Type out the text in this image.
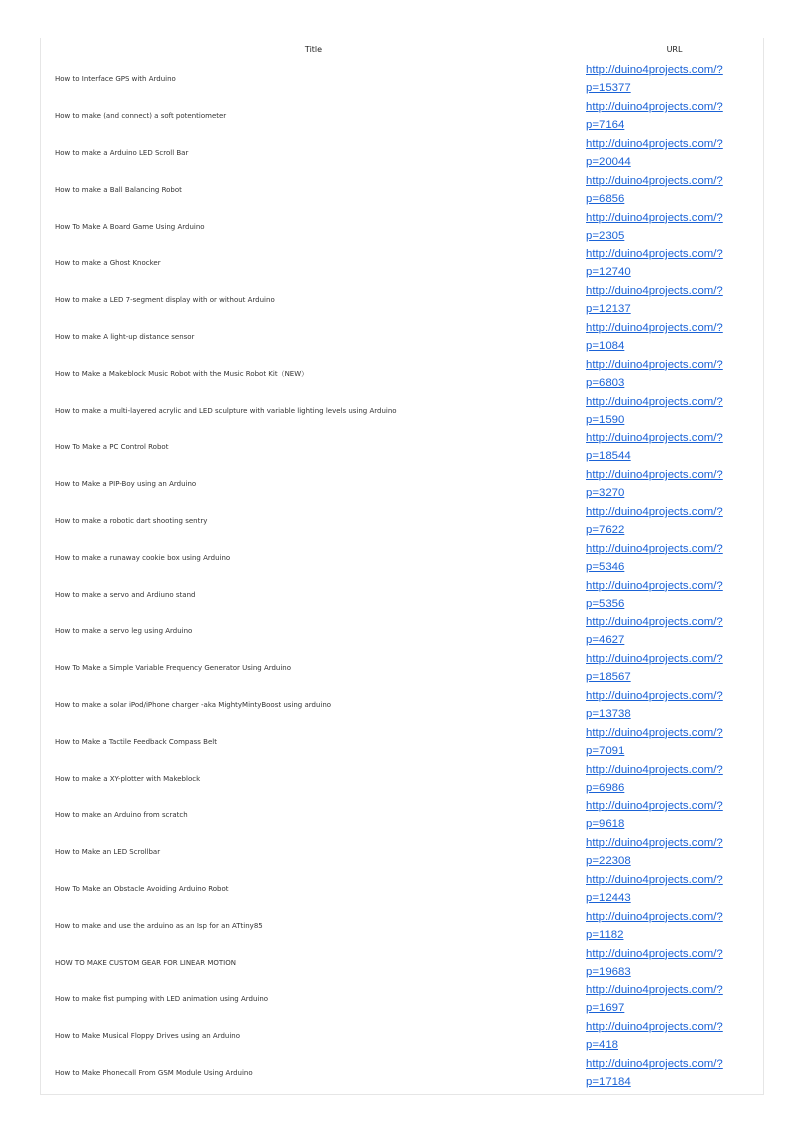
Title	URL
How to Interface GPS with Arduino	http://duino4projects.com/?
p=15377

How to make (and connect) a soft potentiometer	http://duino4projects.com/?
p=7164

How to make a Arduino LED Scroll Bar	http://duino4projects.com/?
p=20044

How to make a Ball Balancing Robot	http://duino4projects.com/?
p=6856

How To Make A Board Game Using Arduino	http://duino4projects.com/?
p=2305

How to make a Ghost Knocker	http://duino4projects.com/?
p=12740

How to make a LED 7-segment display with or without Arduino	http://duino4projects.com/?
p=12137

How to make A light-up distance sensor	http://duino4projects.com/?
p=1084

How to Make a Makeblock Music Robot with the Music Robot Kit（NEW）	http://duino4projects.com/?
p=6803

How to make a multi-layered acrylic and LED sculpture with variable lighting levels using Arduino	http://duino4projects.com/?
p=1590

How To Make a PC Control Robot	http://duino4projects.com/?
p=18544

How to Make a PIP-Boy using an Arduino	http://duino4projects.com/?
p=3270

How to make a robotic dart shooting sentry	http://duino4projects.com/?
p=7622

How to make a runaway cookie box using Arduino	http://duino4projects.com/?
p=5346

How to make a servo and Ardiuno stand	http://duino4projects.com/?
p=5356

How to make a servo leg using Arduino	http://duino4projects.com/?
p=4627

How To Make a Simple Variable Frequency Generator Using Arduino	http://duino4projects.com/?
p=18567

How to make a solar iPod/iPhone charger -aka MightyMintyBoost using arduino	http://duino4projects.com/?
p=13738

How to Make a Tactile Feedback Compass Belt	http://duino4projects.com/?
p=7091

How to make a XY-plotter with Makeblock	http://duino4projects.com/?
p=6986

How to make an Arduino from scratch	http://duino4projects.com/?
p=9618

How to Make an LED Scrollbar	http://duino4projects.com/?
p=22308

How To Make an Obstacle Avoiding Arduino Robot	http://duino4projects.com/?
p=12443

How to make and use the arduino as an Isp for an ATtiny85	http://duino4projects.com/?
p=1182

HOW TO MAKE CUSTOM GEAR FOR LINEAR MOTION	http://duino4projects.com/?
p=19683

How to make fist pumping with LED animation using Arduino	http://duino4projects.com/?
p=1697

How to Make Musical Floppy Drives using an Arduino	http://duino4projects.com/?
p=418

How to Make Phonecall From GSM Module Using Arduino	http://duino4projects.com/?
p=17184
